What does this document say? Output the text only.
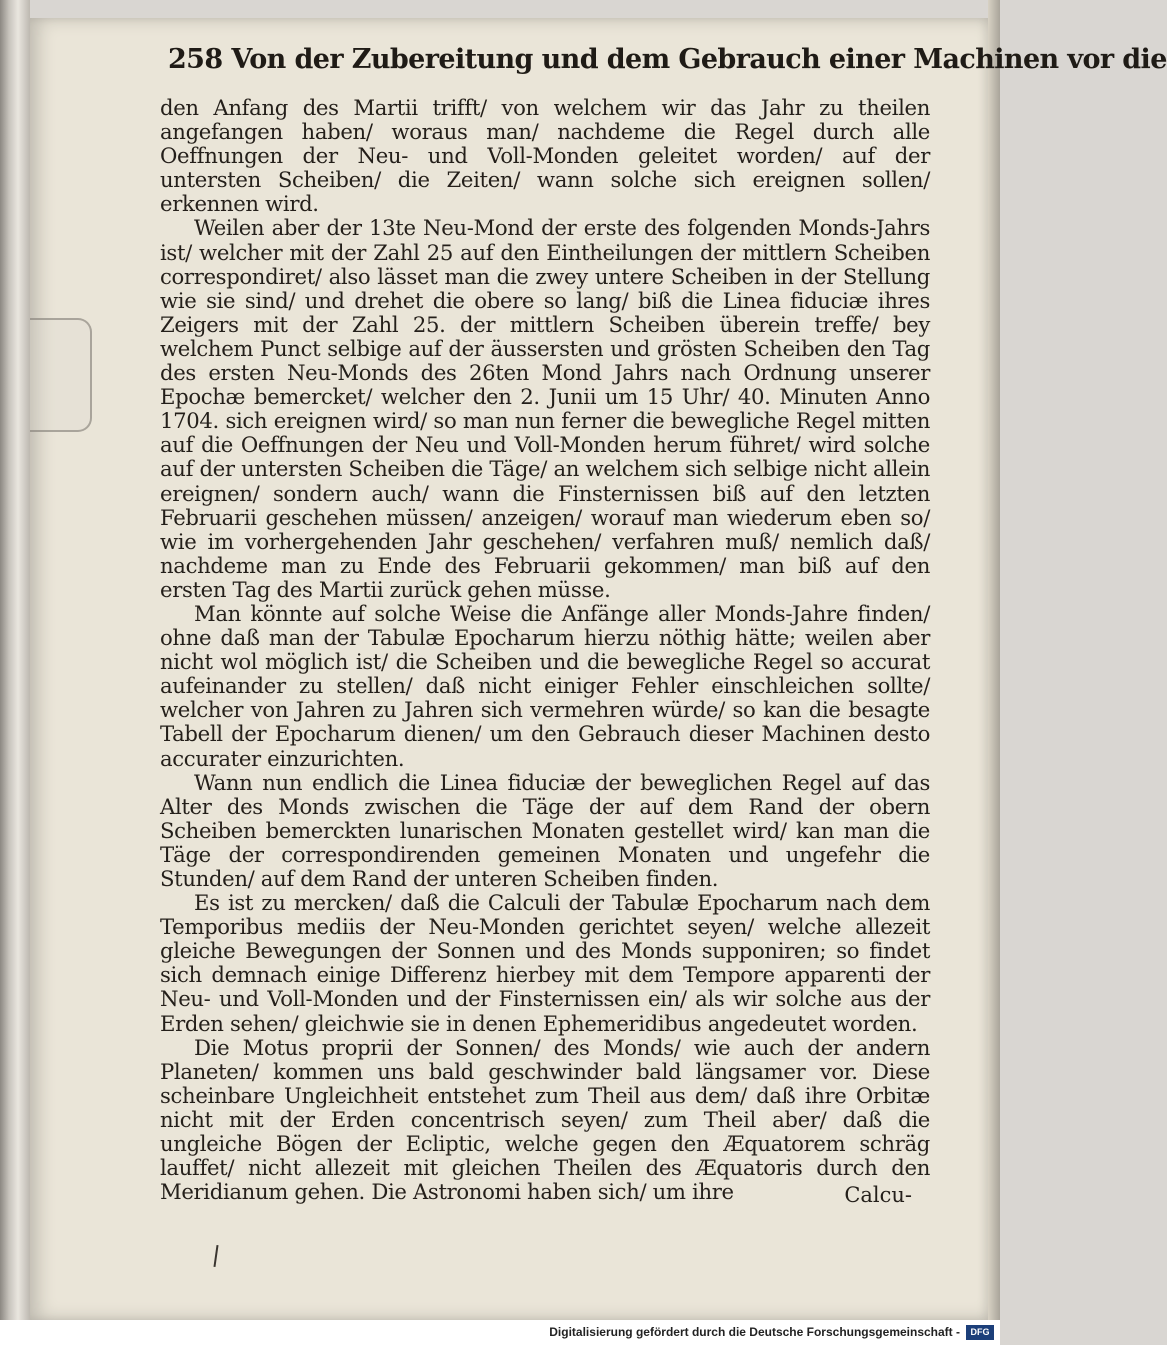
258 Von der Zubereitung und dem Gebrauch einer Machinen vor die

den Anfang des Martii trifft/ von welchem wir das Jahr zu theilen angefangen haben/ woraus man/ nachdeme die Regel durch alle Oeffnungen der Neu- und Voll-Monden geleitet worden/ auf der untersten Scheiben/ die Zeiten/ wann solche sich ereignen sollen/ erkennen wird.

Weilen aber der 13te Neu-Mond der erste des folgenden Monds-Jahrs ist/ welcher mit der Zahl 25 auf den Eintheilungen der mittlern Scheiben correspondiret/ also lässet man die zwey untere Scheiben in der Stellung wie sie sind/ und drehet die obere so lang/ biß die Linea fiduciæ ihres Zeigers mit der Zahl 25. der mittlern Scheiben überein treffe/ bey welchem Punct selbige auf der äussersten und grösten Scheiben den Tag des ersten Neu-Monds des 26ten Mond Jahrs nach Ordnung unserer Epochæ bemercket/ welcher den 2. Junii um 15 Uhr/ 40. Minuten Anno 1704. sich ereignen wird/ so man nun ferner die bewegliche Regel mitten auf die Oeffnungen der Neu und Voll-Monden herum führet/ wird solche auf der untersten Scheiben die Täge/ an welchem sich selbige nicht allein ereignen/ sondern auch/ wann die Finsternissen biß auf den letzten Februarii geschehen müssen/ anzeigen/ worauf man wiederum eben so/ wie im vorhergehenden Jahr geschehen/ verfahren muß/ nemlich daß/ nachdeme man zu Ende des Februarii gekommen/ man biß auf den ersten Tag des Martii zurück gehen müsse.

Man könnte auf solche Weise die Anfänge aller Monds-Jahre finden/ ohne daß man der Tabulæ Epocharum hierzu nöthig hätte; weilen aber nicht wol möglich ist/ die Scheiben und die bewegliche Regel so accurat aufeinander zu stellen/ daß nicht einiger Fehler einschleichen sollte/ welcher von Jahren zu Jahren sich vermehren würde/ so kan die besagte Tabell der Epocharum dienen/ um den Gebrauch dieser Machinen desto accurater einzurichten.

Wann nun endlich die Linea fiduciæ der beweglichen Regel auf das Alter des Monds zwischen die Täge der auf dem Rand der obern Scheiben bemerckten lunarischen Monaten gestellet wird/ kan man die Täge der correspondirenden gemeinen Monaten und ungefehr die Stunden/ auf dem Rand der unteren Scheiben finden.

Es ist zu mercken/ daß die Calculi der Tabulæ Epocharum nach dem Temporibus mediis der Neu-Monden gerichtet seyen/ welche allezeit gleiche Bewegungen der Sonnen und des Monds supponiren; so findet sich demnach einige Differenz hierbey mit dem Tempore apparenti der Neu- und Voll-Monden und der Finsternissen ein/ als wir solche aus der Erden sehen/ gleichwie sie in denen Ephemeridibus angedeutet worden.

Die Motus proprii der Sonnen/ des Monds/ wie auch der andern Planeten/ kommen uns bald geschwinder bald längsamer vor. Diese scheinbare Ungleichheit entstehet zum Theil aus dem/ daß ihre Orbitæ nicht mit der Erden concentrisch seyen/ zum Theil aber/ daß die ungleiche Bögen der Ecliptic, welche gegen den Æquatorem schräg lauffet/ nicht allezeit mit gleichen Theilen des Æquatoris durch den Meridianum gehen. Die Astronomi haben sich/ um ihre	Calcu-
Digitalisierung gefördert durch die Deutsche Forschungsgemeinschaft -	DFG
